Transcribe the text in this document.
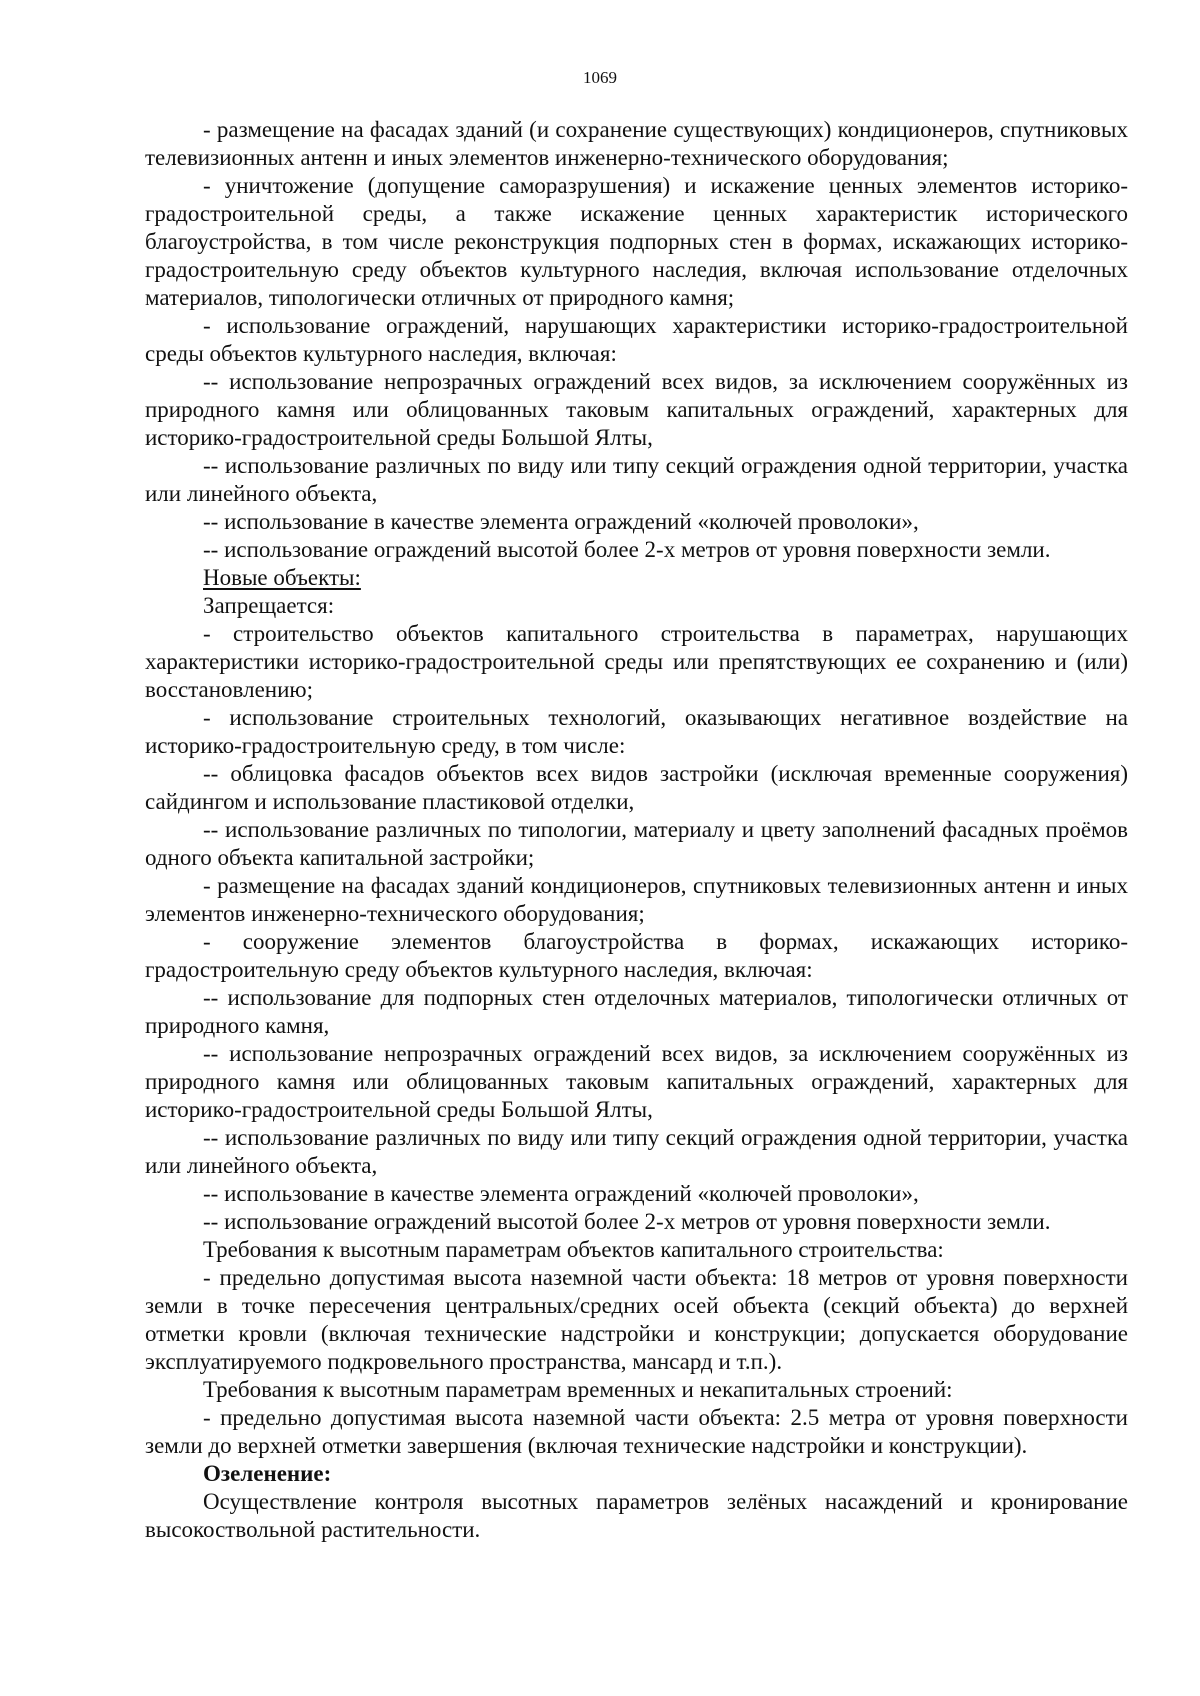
1069

- размещение на фасадах зданий (и сохранение существующих) кондиционеров, спутниковых телевизионных антенн и иных элементов инженерно-технического оборудования;

- уничтожение (допущение саморазрушения) и искажение ценных элементов историко-градостроительной среды, а также искажение ценных характеристик исторического благоустройства, в том числе реконструкция подпорных стен в формах, искажающих историко-градостроительную среду объектов культурного наследия, включая использование отделочных материалов, типологически отличных от природного камня;

- использование ограждений, нарушающих характеристики историко-градостроительной среды объектов культурного наследия, включая:

-- использование непрозрачных ограждений всех видов, за исключением сооружённых из природного камня или облицованных таковым капитальных ограждений, характерных для историко-градостроительной среды Большой Ялты,

-- использование различных по виду или типу секций ограждения одной территории, участка или линейного объекта,

-- использование в качестве элемента ограждений «колючей проволоки»,

-- использование ограждений высотой более 2-х метров от уровня поверхности земли.

Новые объекты:

Запрещается:

- строительство объектов капитального строительства в параметрах, нарушающих характеристики историко-градостроительной среды или препятствующих ее сохранению и (или) восстановлению;

- использование строительных технологий, оказывающих негативное воздействие на историко-градостроительную среду, в том числе:

-- облицовка фасадов объектов всех видов застройки (исключая временные сооружения) сайдингом и использование пластиковой отделки,

-- использование различных по типологии, материалу и цвету заполнений фасадных проёмов одного объекта капитальной застройки;

- размещение на фасадах зданий кондиционеров, спутниковых телевизионных антенн и иных элементов инженерно-технического оборудования;

- сооружение элементов благоустройства в формах, искажающих историко-градостроительную среду объектов культурного наследия, включая:

-- использование для подпорных стен отделочных материалов, типологически отличных от природного камня,

-- использование непрозрачных ограждений всех видов, за исключением сооружённых из природного камня или облицованных таковым капитальных ограждений, характерных для историко-градостроительной среды Большой Ялты,

-- использование различных по виду или типу секций ограждения одной территории, участка или линейного объекта,

-- использование в качестве элемента ограждений «колючей проволоки»,

-- использование ограждений высотой более 2-х метров от уровня поверхности земли.

Требования к высотным параметрам объектов капитального строительства:

- предельно допустимая высота наземной части объекта: 18 метров от уровня поверхности земли в точке пересечения центральных/средних осей объекта (секций объекта) до верхней отметки кровли (включая технические надстройки и конструкции; допускается оборудование эксплуатируемого подкровельного пространства, мансард и т.п.).

Требования к высотным параметрам временных и некапитальных строений:

- предельно допустимая высота наземной части объекта: 2.5 метра от уровня поверхности земли до верхней отметки завершения (включая технические надстройки и конструкции).

Озеленение:

Осуществление контроля высотных параметров зелёных насаждений и кронирование высокоствольной растительности.
